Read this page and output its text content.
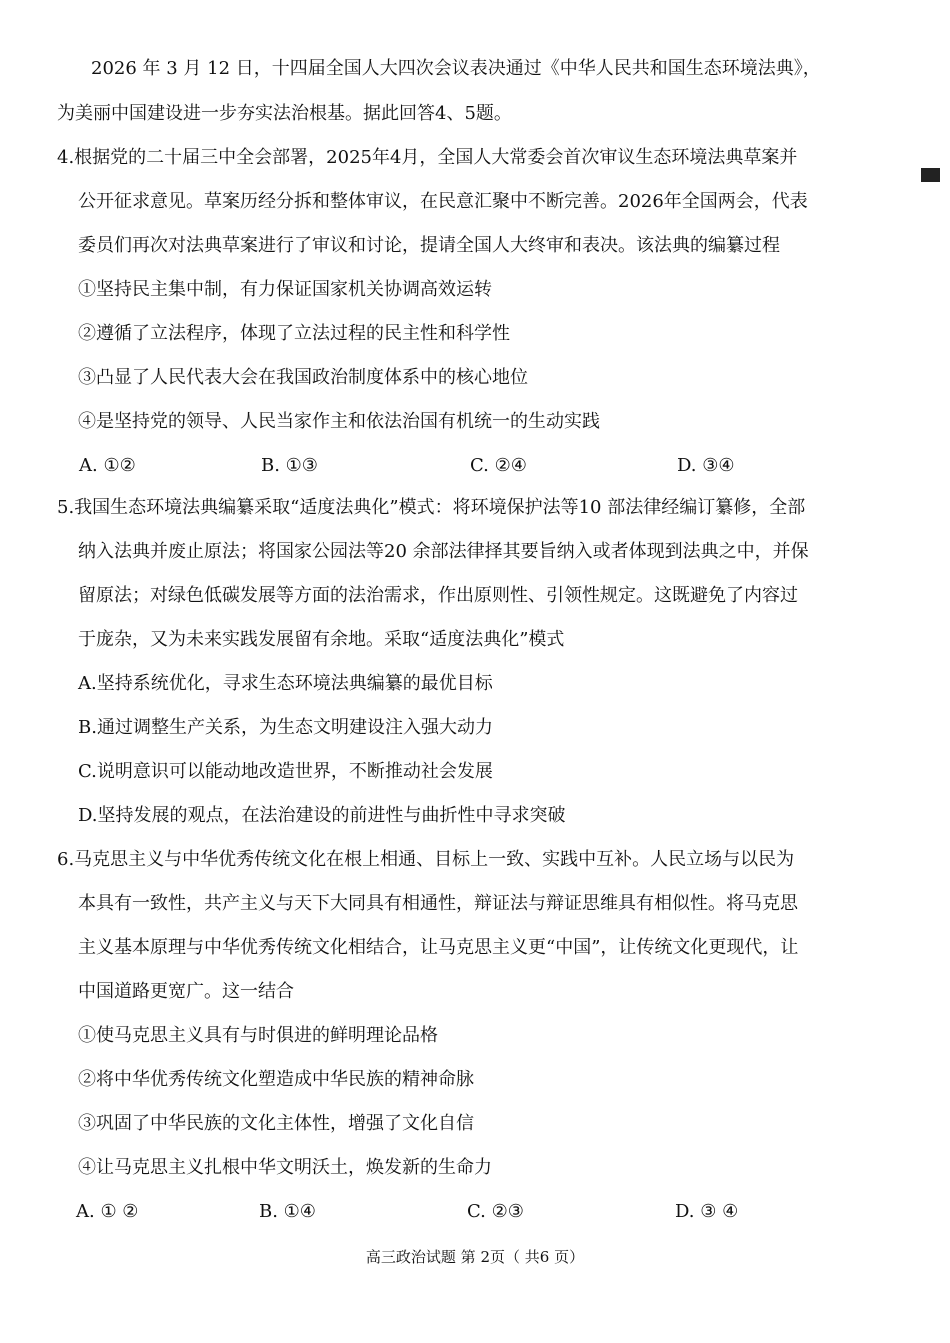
2026 年 3 月 12 日，十四届全国人大四次会议表决通过《中华人民共和国生态环境法典》，
为美丽中国建设进一步夯实法治根基。据此回答4、5题。
4.根据党的二十届三中全会部署，2025年4月，全国人大常委会首次审议生态环境法典草案并
公开征求意见。草案历经分拆和整体审议，在民意汇聚中不断完善。2026年全国两会，代表
委员们再次对法典草案进行了审议和讨论，提请全国人大终审和表决。该法典的编纂过程
①坚持民主集中制，有力保证国家机关协调高效运转
②遵循了立法程序，体现了立法过程的民主性和科学性
③凸显了人民代表大会在我国政治制度体系中的核心地位
④是坚持党的领导、人民当家作主和依法治国有机统一的生动实践
A. ①②	B. ①③	C. ②④	D. ③④
5.我国生态环境法典编纂采取“适度法典化”模式：将环境保护法等10 部法律经编订纂修，全部
纳入法典并废止原法；将国家公园法等20 余部法律择其要旨纳入或者体现到法典之中，并保
留原法；对绿色低碳发展等方面的法治需求，作出原则性、引领性规定。这既避免了内容过
于庞杂，又为未来实践发展留有余地。采取“适度法典化”模式
A.坚持系统优化，寻求生态环境法典编纂的最优目标
B.通过调整生产关系，为生态文明建设注入强大动力
C.说明意识可以能动地改造世界，不断推动社会发展
D.坚持发展的观点，在法治建设的前进性与曲折性中寻求突破
6.马克思主义与中华优秀传统文化在根上相通、目标上一致、实践中互补。人民立场与以民为
本具有一致性，共产主义与天下大同具有相通性，辩证法与辩证思维具有相似性。将马克思
主义基本原理与中华优秀传统文化相结合，让马克思主义更“中国”，让传统文化更现代，让
中国道路更宽广。这一结合
①使马克思主义具有与时俱进的鲜明理论品格
②将中华优秀传统文化塑造成中华民族的精神命脉
③巩固了中华民族的文化主体性，增强了文化自信
④让马克思主义扎根中华文明沃土，焕发新的生命力
A. ① ②	B. ①④	C. ②③	D. ③ ④
高三政治试题 第 2页（ 共6 页）
